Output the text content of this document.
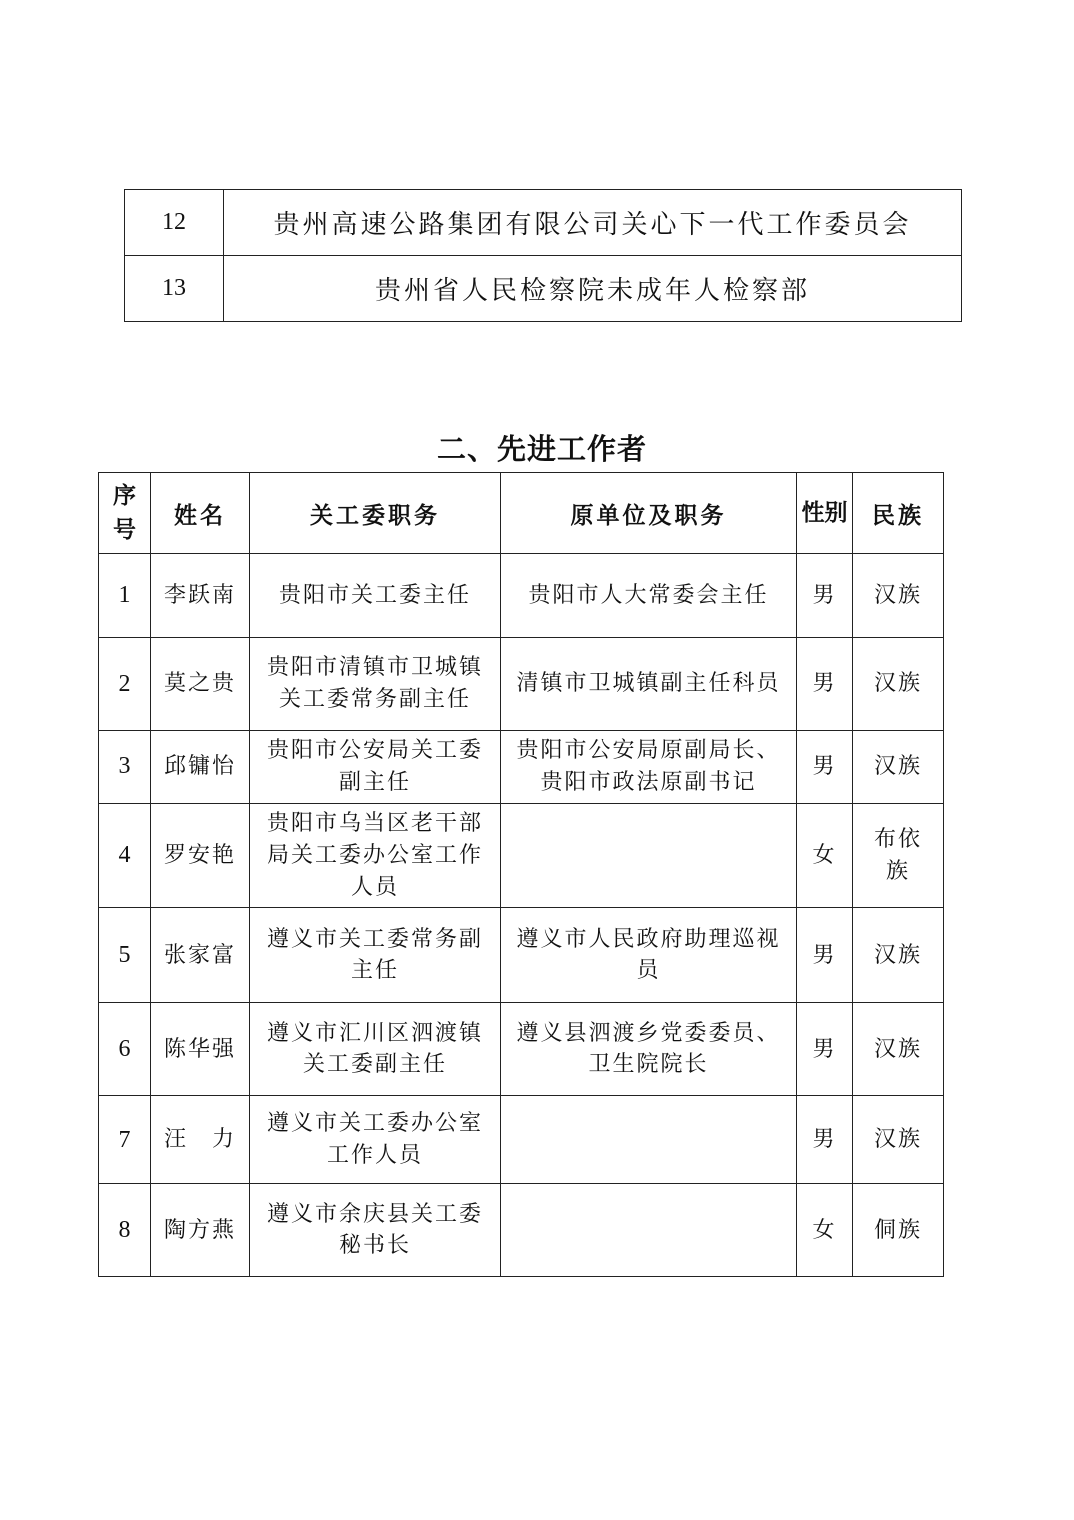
12	贵州高速公路集团有限公司关心下一代工作委员会
13	贵州省人民检察院未成年人检察部
二、先进工作者
序号	姓名	关工委职务	原单位及职务	性别	民族
1	李跃南	贵阳市关工委主任	贵阳市人大常委会主任	男	汉族
2	莫之贵	贵阳市清镇市卫城镇关工委常务副主任	清镇市卫城镇副主任科员	男	汉族
3	邱镛怡	贵阳市公安局关工委副主任	贵阳市公安局原副局长、贵阳市政法原副书记	男	汉族
4	罗安艳	贵阳市乌当区老干部局关工委办公室工作人员		女	布依族
5	张家富	遵义市关工委常务副主任	遵义市人民政府助理巡视员	男	汉族
6	陈华强	遵义市汇川区泗渡镇关工委副主任	遵义县泗渡乡党委委员、卫生院院长	男	汉族
7	汪　力	遵义市关工委办公室工作人员		男	汉族
8	陶方燕	遵义市余庆县关工委秘书长		女	侗族
